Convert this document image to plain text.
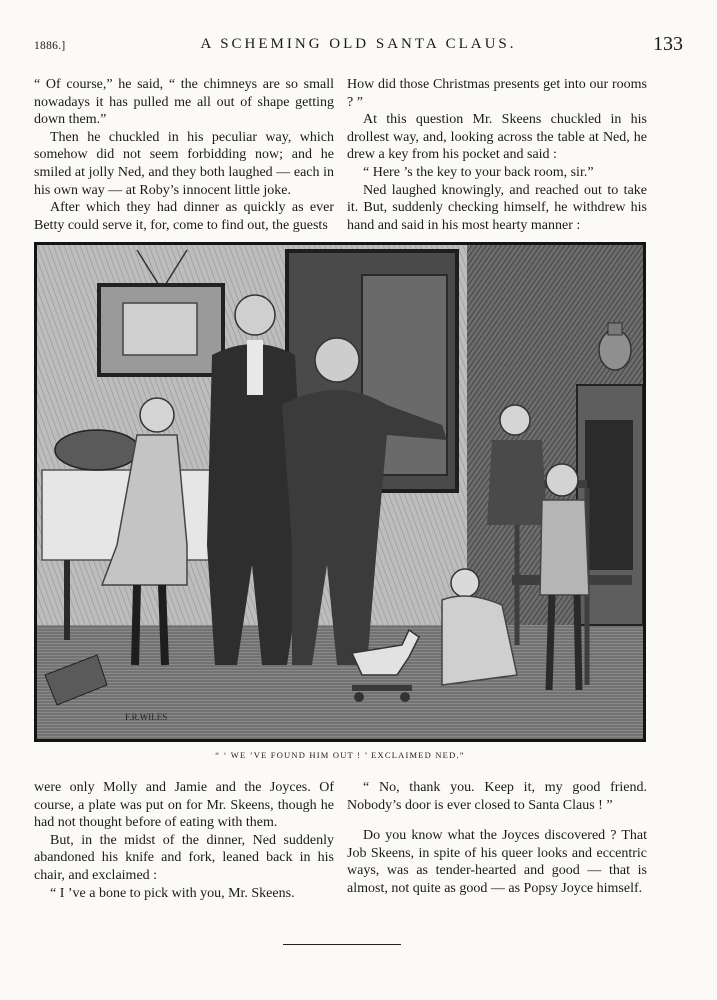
1886.]	A SCHEMING OLD SANTA CLAUS.	133

“ Of course,” he said, “ the chimneys are so small nowadays it has pulled me all out of shape getting down them.”

Then he chuckled in his peculiar way, which somehow did not seem forbidding now; and he smiled at jolly Ned, and they both laughed — each in his own way — at Roby’s innocent little joke.

After which they had dinner as quickly as ever Betty could serve it, for, come to find out, the guests

How did those Christmas presents get into our rooms ? ”

At this question Mr. Skeens chuckled in his drollest way, and, looking across the table at Ned, he drew a key from his pocket and said :

“ Here ’s the key to your back room, sir.”

Ned laughed knowingly, and reached out to take it. But, suddenly checking himself, he withdrew his hand and said in his most hearty manner :

F.R.WILES
“ ‘ WE ’VE FOUND HIM OUT ! ’ EXCLAIMED NED.”

were only Molly and Jamie and the Joyces. Of course, a plate was put on for Mr. Skeens, though he had not thought before of eating with them.

But, in the midst of the dinner, Ned suddenly abandoned his knife and fork, leaned back in his chair, and exclaimed :

“ I ’ve a bone to pick with you, Mr. Skeens.

“ No, thank you. Keep it, my good friend. Nobody’s door is ever closed to Santa Claus ! ”

Do you know what the Joyces discovered ? That Job Skeens, in spite of his queer looks and eccentric ways, was as tender-hearted and good — that is almost, not quite as good — as Popsy Joyce himself.
